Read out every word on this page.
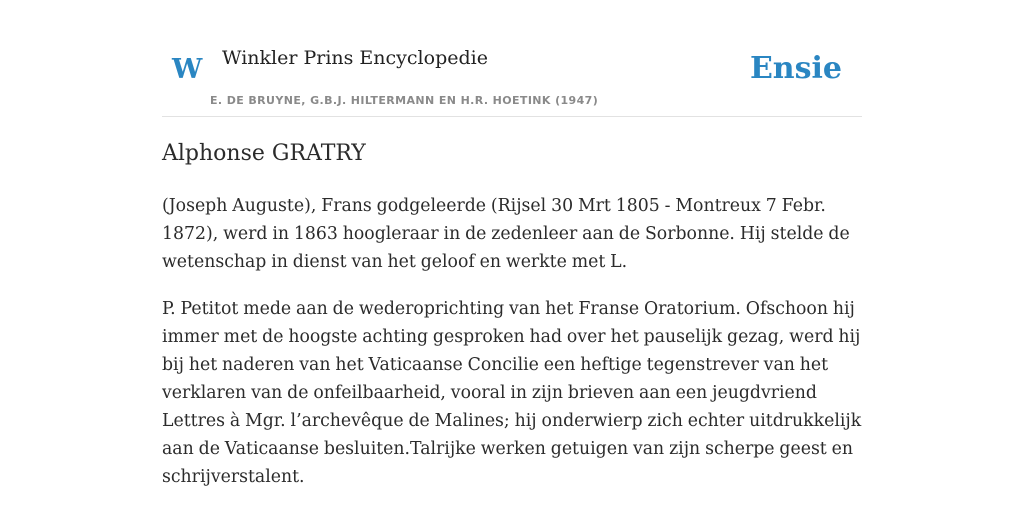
W Winkler Prins Encyclopedie
E. DE BRUYNE, G.B.J. HILTERMANN EN H.R. HOETINK (1947)
Ensie
Alphonse GRATRY

(Joseph Auguste), Frans godgeleerde (Rijsel 30 Mrt 1805 - Montreux 7 Febr. 1872), werd in 1863 hoogleraar in de zedenleer aan de Sorbonne. Hij stelde de wetenschap in dienst van het geloof en werkte met L.

P. Petitot mede aan de wederoprichting van het Franse Oratorium. Ofschoon hij immer met de hoogste achting gesproken had over het pauselijk gezag, werd hij bij het naderen van het Vaticaanse Concilie een heftige tegenstrever van het verklaren van de onfeilbaarheid, vooral in zijn brieven aan een jeugdvriend Lettres à Mgr. l’archevêque de Malines; hij onderwierp zich echter uitdrukkelijk aan de Vaticaanse besluiten.Talrijke werken getuigen van zijn scherpe geest en schrijverstalent.
